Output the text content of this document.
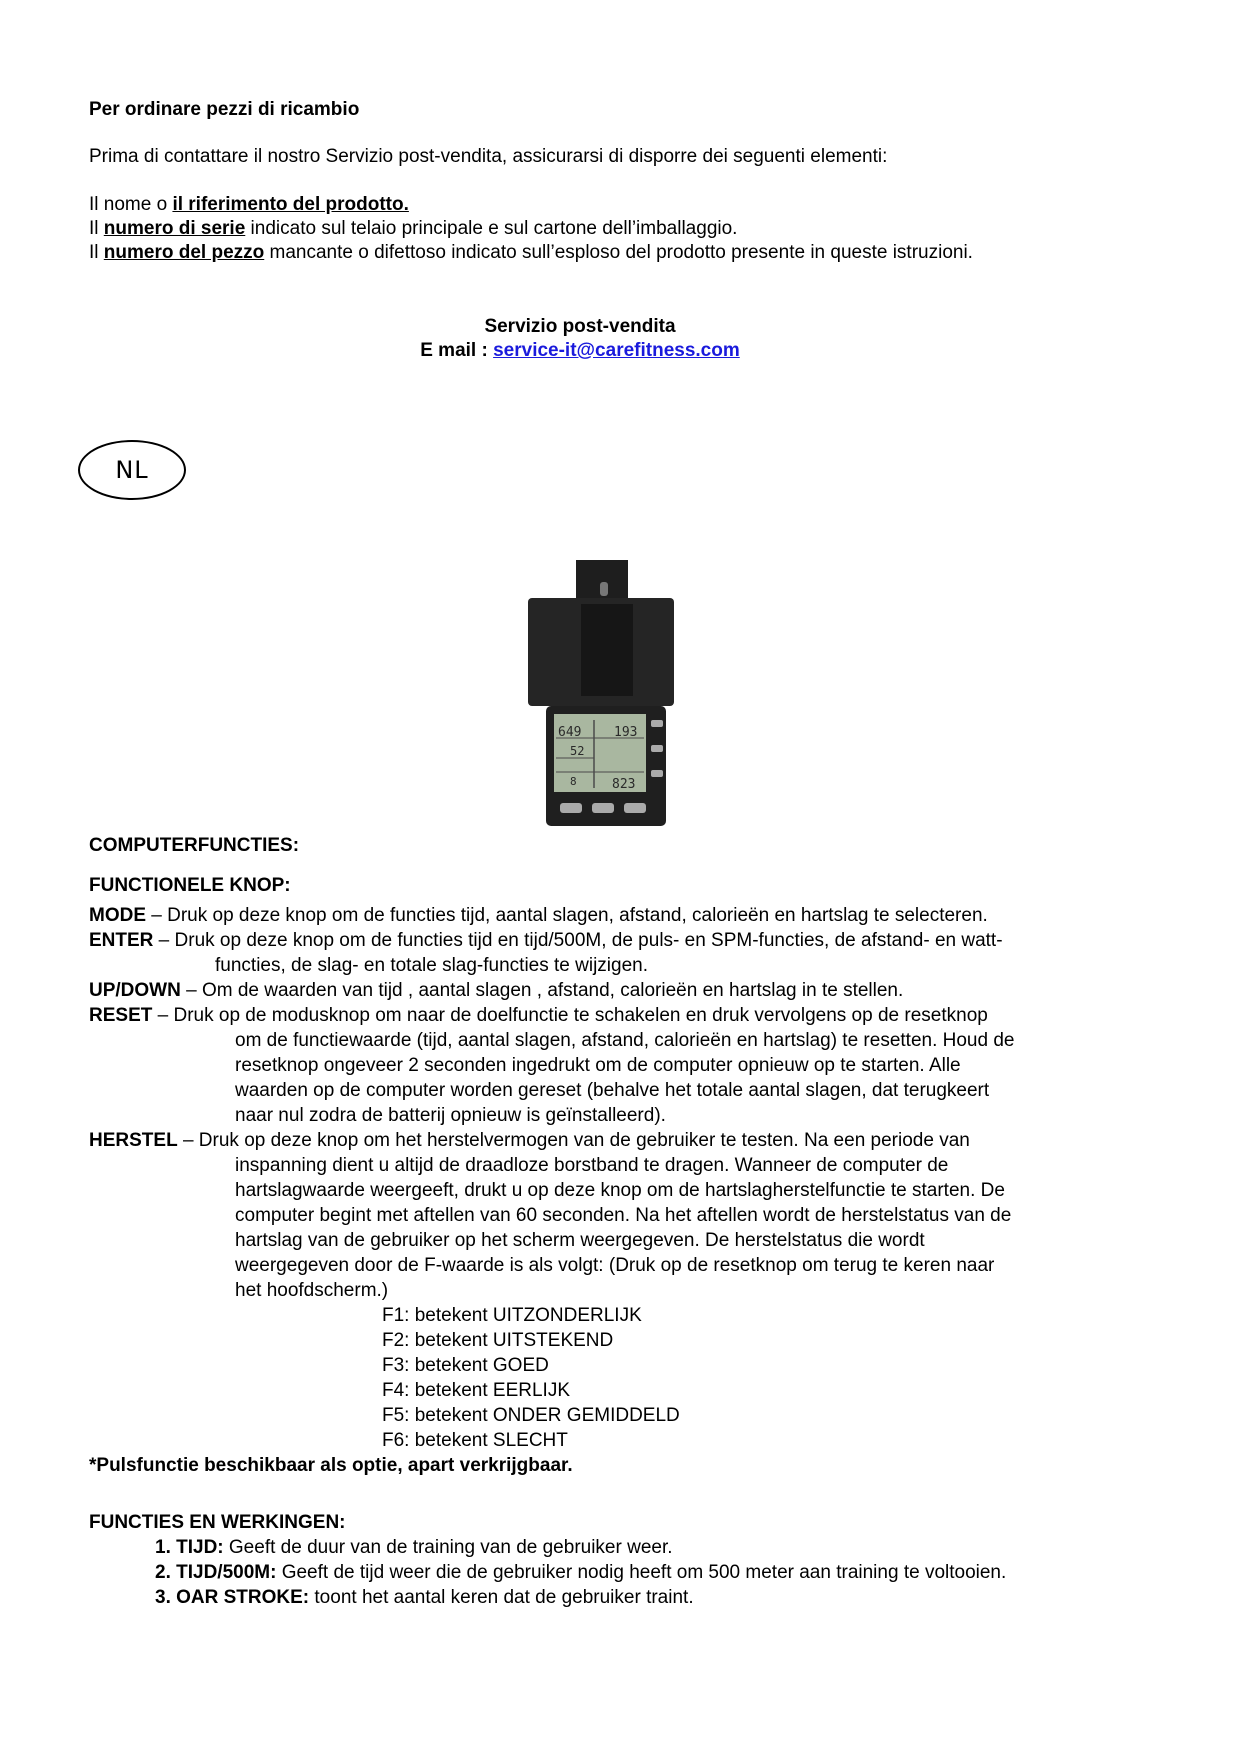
Per ordinare pezzi di ricambio
Prima di contattare il nostro Servizio post-vendita, assicurarsi di disporre dei seguenti elementi:
Il nome o il riferimento del prodotto.
Il numero di serie indicato sul telaio principale e sul cartone dell’imballaggio.
Il numero del pezzo mancante o difettoso indicato sull’esploso del prodotto presente in queste istruzioni.
Servizio post-vendita
E mail : service-it@carefitness.com
NL
649	193
52
8	823
COMPUTERFUNCTIES:
FUNCTIONELE KNOP:
MODE – Druk op deze knop om de functies tijd, aantal slagen, afstand, calorieën en hartslag te selecteren.
ENTER – Druk op deze knop om de functies tijd en tijd/500M, de puls- en SPM-functies, de afstand- en watt-
functies, de slag- en totale slag-functies te wijzigen.
UP/DOWN – Om de waarden van tijd , aantal slagen , afstand, calorieën en hartslag in te stellen.
RESET – Druk op de modusknop om naar de doelfunctie te schakelen en druk vervolgens op de resetknop
om de functiewaarde (tijd, aantal slagen, afstand, calorieën en hartslag) te resetten. Houd de
resetknop ongeveer 2 seconden ingedrukt om de computer opnieuw op te starten. Alle
waarden op de computer worden gereset (behalve het totale aantal slagen, dat terugkeert
naar nul zodra de batterij opnieuw is geïnstalleerd).
HERSTEL – Druk op deze knop om het herstelvermogen van de gebruiker te testen. Na een periode van
inspanning dient u altijd de draadloze borstband te dragen. Wanneer de computer de
hartslagwaarde weergeeft, drukt u op deze knop om de hartslagherstelfunctie te starten. De
computer begint met aftellen van 60 seconden. Na het aftellen wordt de herstelstatus van de
hartslag van de gebruiker op het scherm weergegeven. De herstelstatus die wordt
weergegeven door de F-waarde is als volgt: (Druk op de resetknop om terug te keren naar
het hoofdscherm.)
F1: betekent UITZONDERLIJK
F2: betekent UITSTEKEND
F3: betekent GOED
F4: betekent EERLIJK
F5: betekent ONDER GEMIDDELD
F6: betekent SLECHT
*Pulsfunctie beschikbaar als optie, apart verkrijgbaar.
FUNCTIES EN WERKINGEN:
1. TIJD: Geeft de duur van de training van de gebruiker weer.
2. TIJD/500M: Geeft de tijd weer die de gebruiker nodig heeft om 500 meter aan training te voltooien.
3. OAR STROKE: toont het aantal keren dat de gebruiker traint.
